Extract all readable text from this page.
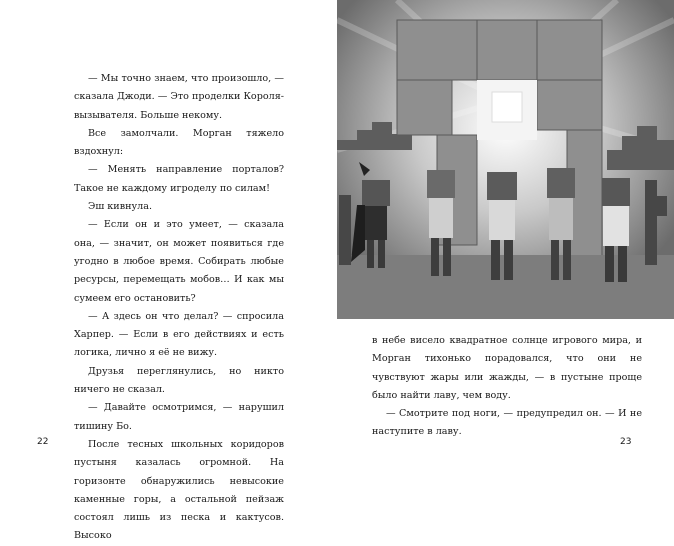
— Мы точно знаем, что произошло, — сказала Джоди. — Это проделки Короля-вызывателя. Больше некому.

Все замолчали. Морган тяжело вздохнул:

— Менять направление порталов? Такое не каждому игроделу по силам!

Эш кивнула.

— Если он и это умеет, — сказала она, — значит, он может появиться где угодно в любое время. Собирать любые ресурсы, перемещать мобов… И как мы сумеем его остановить?

— А здесь он что делал? — спросила Харпер. — Если в его действиях и есть логика, лично я её не вижу.

Друзья переглянулись, но никто ничего не сказал.

— Давайте осмотримся, — нарушил тишину Бо.

После тесных школьных коридоров пустыня казалась огромной. На горизонте обнаружились невысокие каменные горы, а остальной пейзаж состоял лишь из песка и кактусов. Высоко

22

в небе висело квадратное солнце игрового мира, и Морган тихонько порадовался, что они не чувствуют жары или жажды, — в пустыне проще было найти лаву, чем воду.

— Смотрите под ноги, — предупредил он. — И не наступите в лаву.

23
